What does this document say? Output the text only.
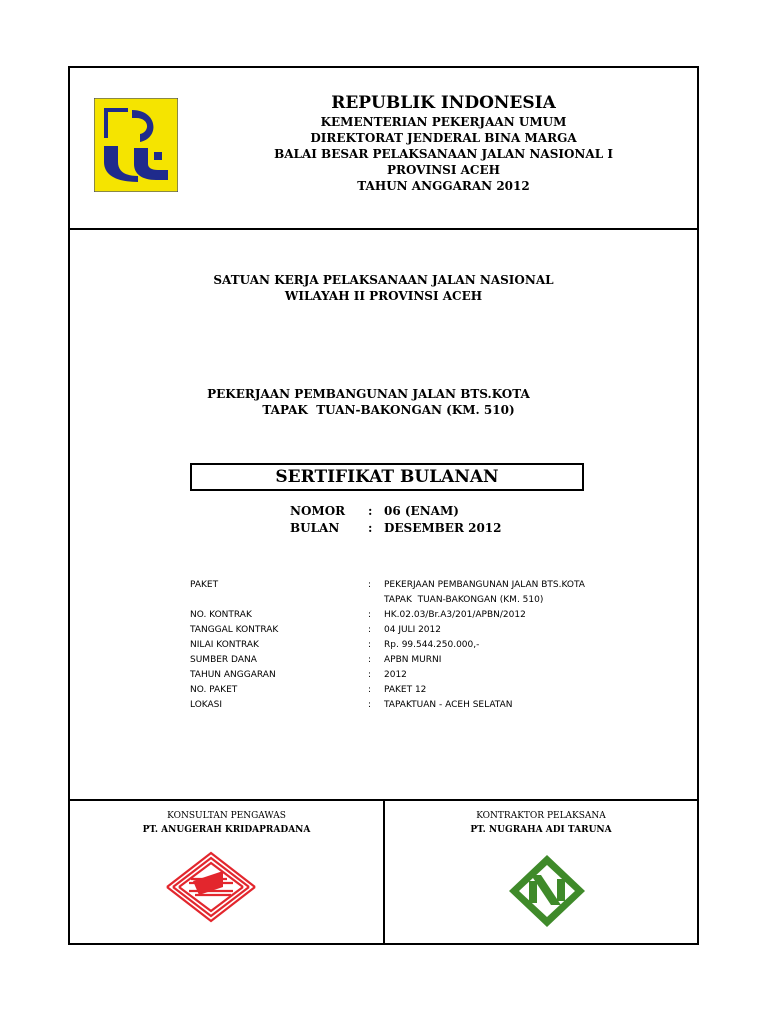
REPUBLIK INDONESIA
KEMENTERIAN PEKERJAAN UMUM
DIREKTORAT JENDERAL BINA MARGA
BALAI BESAR PELAKSANAAN JALAN NASIONAL I
PROVINSI ACEH
TAHUN ANGGARAN 2012
SATUAN KERJA PELAKSANAAN JALAN NASIONAL
WILAYAH II PROVINSI ACEH
PEKERJAAN PEMBANGUNAN JALAN BTS.KOTA
TAPAK  TUAN-BAKONGAN (KM. 510)
SERTIFIKAT BULANAN
NOMOR	: 06 (ENAM)
BULAN	: DESEMBER 2012
PAKET	:	PEKERJAAN PEMBANGUNAN JALAN BTS.KOTA
TAPAK  TUAN-BAKONGAN (KM. 510)
NO. KONTRAK	:	HK.02.03/Br.A3/201/APBN/2012
TANGGAL KONTRAK	:	04 JULI 2012
NILAI KONTRAK	:	Rp. 99.544.250.000,-
SUMBER DANA	:	APBN MURNI
TAHUN ANGGARAN	:	2012
NO. PAKET	:	PAKET 12
LOKASI	:	TAPAKTUAN - ACEH SELATAN
KONSULTAN PENGAWAS
PT. ANUGERAH KRIDAPRADANA
KONTRAKTOR PELAKSANA
PT. NUGRAHA ADI TARUNA
